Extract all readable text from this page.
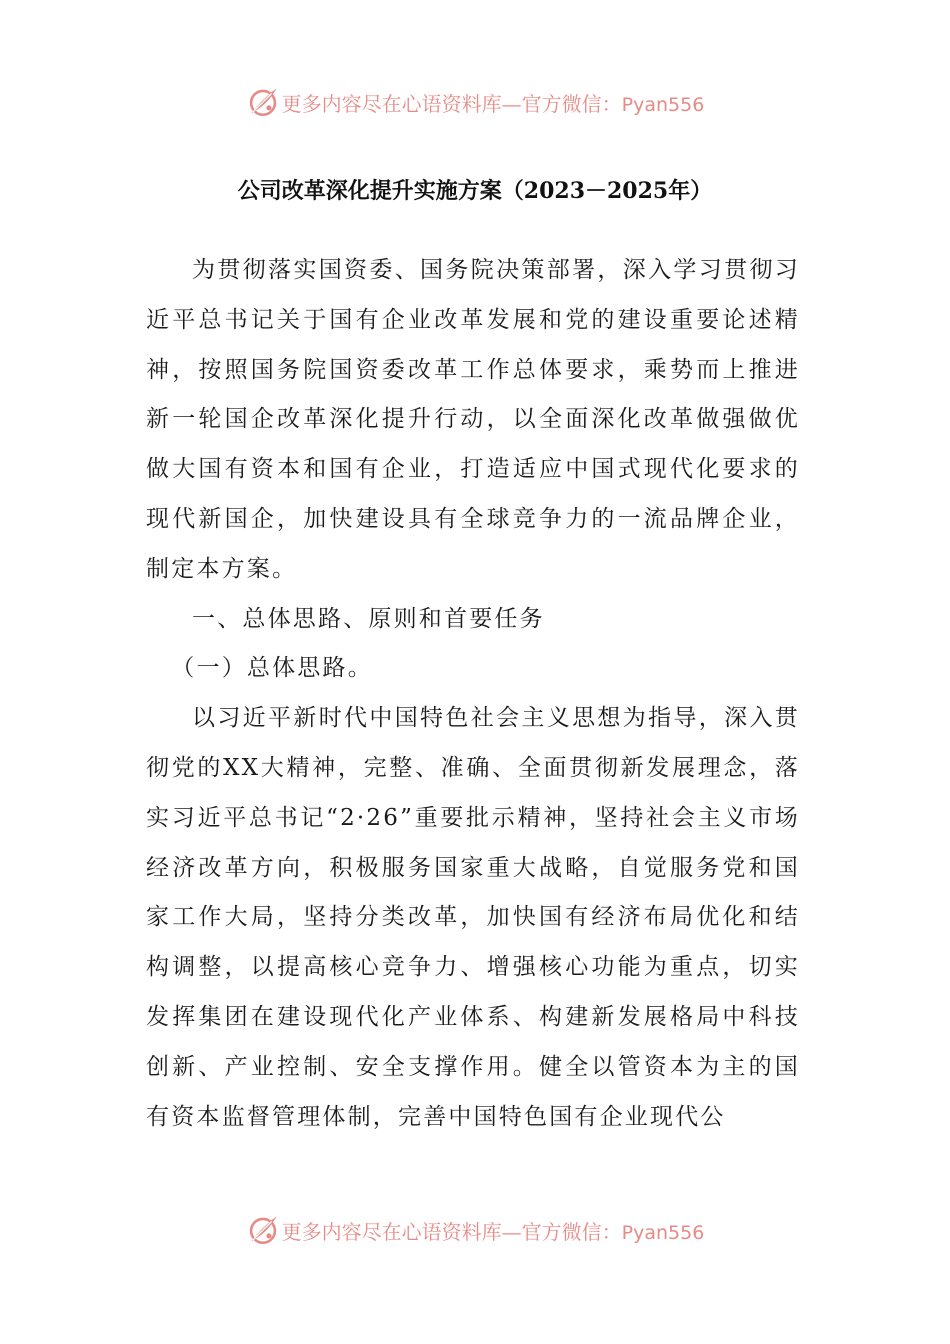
更多内容尽在心语资料库—官方微信：Pyan556
公司改革深化提升实施方案（2023－2025年）

为贯彻落实国资委、国务院决策部署，深入学习贯彻习近平总书记关于国有企业改革发展和党的建设重要论述精神，按照国务院国资委改革工作总体要求，乘势而上推进新一轮国企改革深化提升行动，以全面深化改革做强做优做大国有资本和国有企业，打造适应中国式现代化要求的现代新国企，加快建设具有全球竞争力的一流品牌企业，制定本方案。

一、总体思路、原则和首要任务

（一）总体思路。

以习近平新时代中国特色社会主义思想为指导，深入贯彻党的XX大精神，完整、准确、全面贯彻新发展理念，落实习近平总书记“2·26”重要批示精神，坚持社会主义市场经济改革方向，积极服务国家重大战略，自觉服务党和国家工作大局，坚持分类改革，加快国有经济布局优化和结构调整，以提高核心竞争力、增强核心功能为重点，切实发挥集团在建设现代化产业体系、构建新发展格局中科技创新、产业控制、安全支撑作用。健全以管资本为主的国有资本监督管理体制，完善中国特色国有企业现代公

更多内容尽在心语资料库—官方微信：Pyan556
